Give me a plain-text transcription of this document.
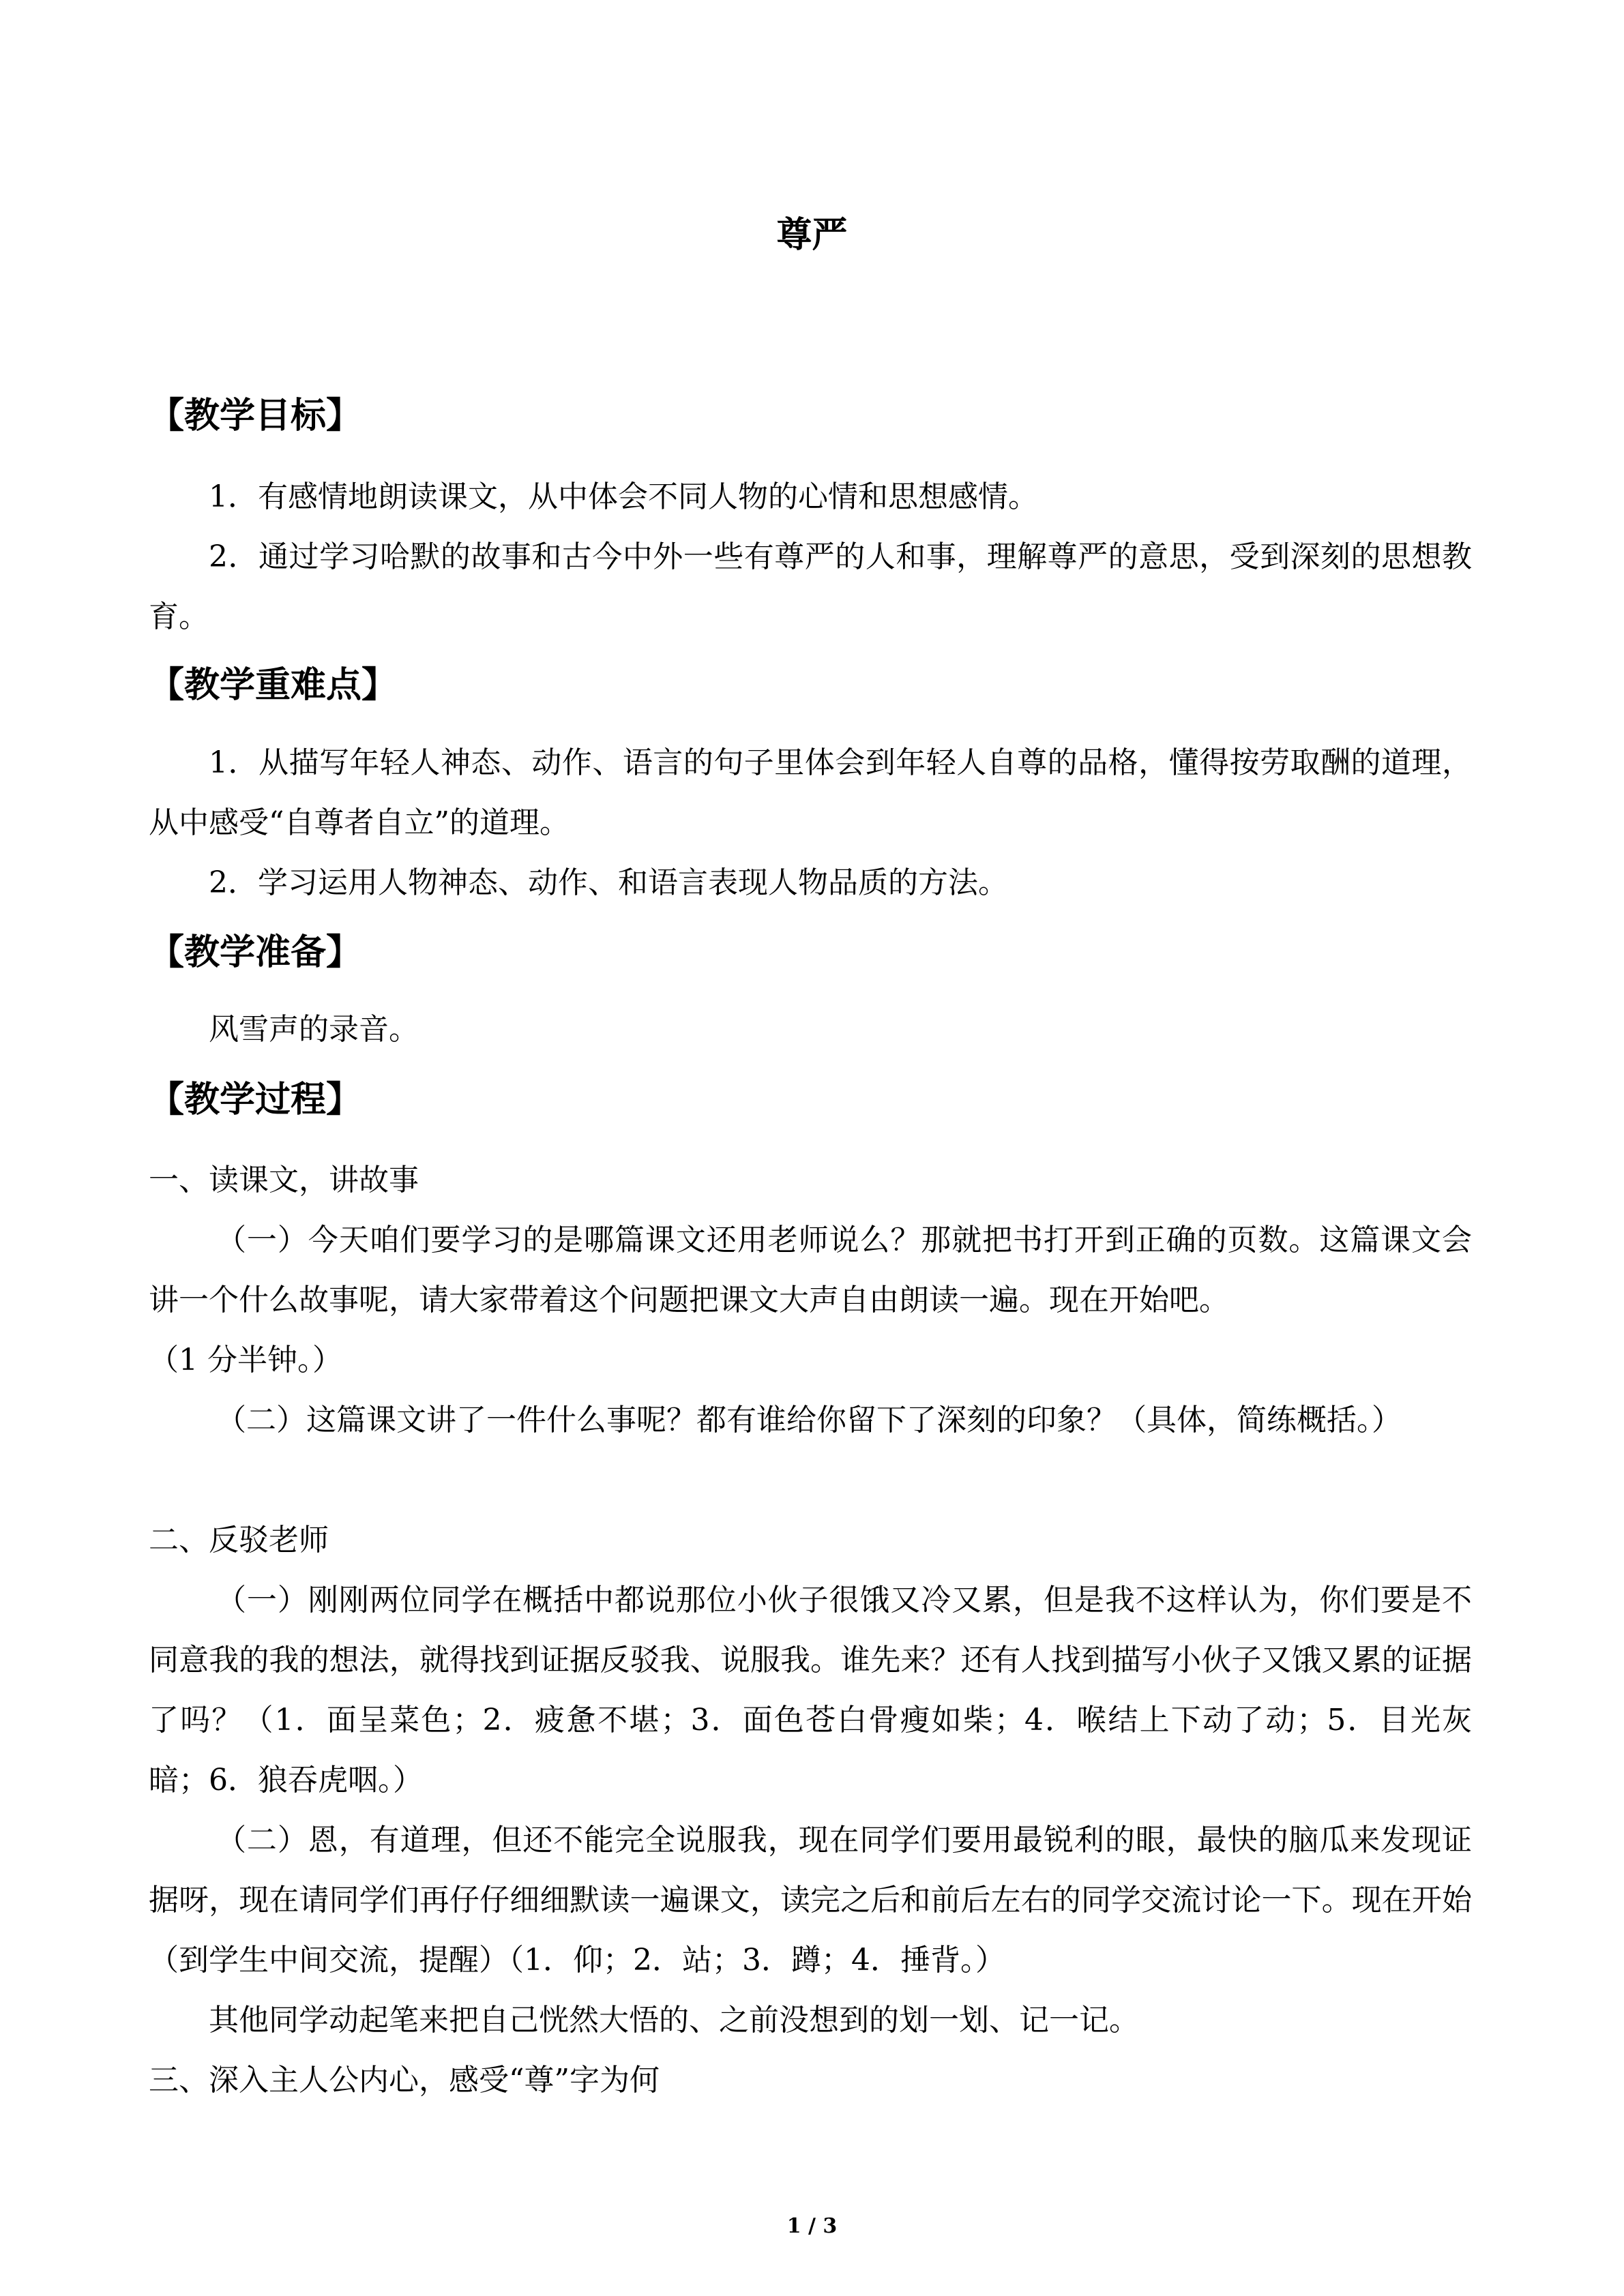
尊严
【教学目标】

1．有感情地朗读课文，从中体会不同人物的心情和思想感情。

2．通过学习哈默的故事和古今中外一些有尊严的人和事，理解尊严的意思，受到深刻的思想教育。

【教学重难点】

1．从描写年轻人神态、动作、语言的句子里体会到年轻人自尊的品格，懂得按劳取酬的道理，从中感受“自尊者自立”的道理。

2．学习运用人物神态、动作、和语言表现人物品质的方法。

【教学准备】

风雪声的录音。

【教学过程】

一、读课文，讲故事

（一）今天咱们要学习的是哪篇课文还用老师说么？那就把书打开到正确的页数。这篇课文会讲一个什么故事呢，请大家带着这个问题把课文大声自由朗读一遍。现在开始吧。

（1 分半钟。）

（二）这篇课文讲了一件什么事呢？都有谁给你留下了深刻的印象？（具体，简练概括。）

二、反驳老师

（一）刚刚两位同学在概括中都说那位小伙子很饿又冷又累，但是我不这样认为，你们要是不同意我的我的想法，就得找到证据反驳我、说服我。谁先来？还有人找到描写小伙子又饿又累的证据了吗？（1．面呈菜色；2．疲惫不堪；3．面色苍白骨瘦如柴；4．喉结上下动了动；5．目光灰暗；6．狼吞虎咽。）

（二）恩，有道理，但还不能完全说服我，现在同学们要用最锐利的眼，最快的脑瓜来发现证据呀，现在请同学们再仔仔细细默读一遍课文，读完之后和前后左右的同学交流讨论一下。现在开始（到学生中间交流，提醒）（1．仰；2．站；3．蹲；4．捶背。）

其他同学动起笔来把自己恍然大悟的、之前没想到的划一划、记一记。

三、深入主人公内心，感受“尊”字为何

1 / 3
